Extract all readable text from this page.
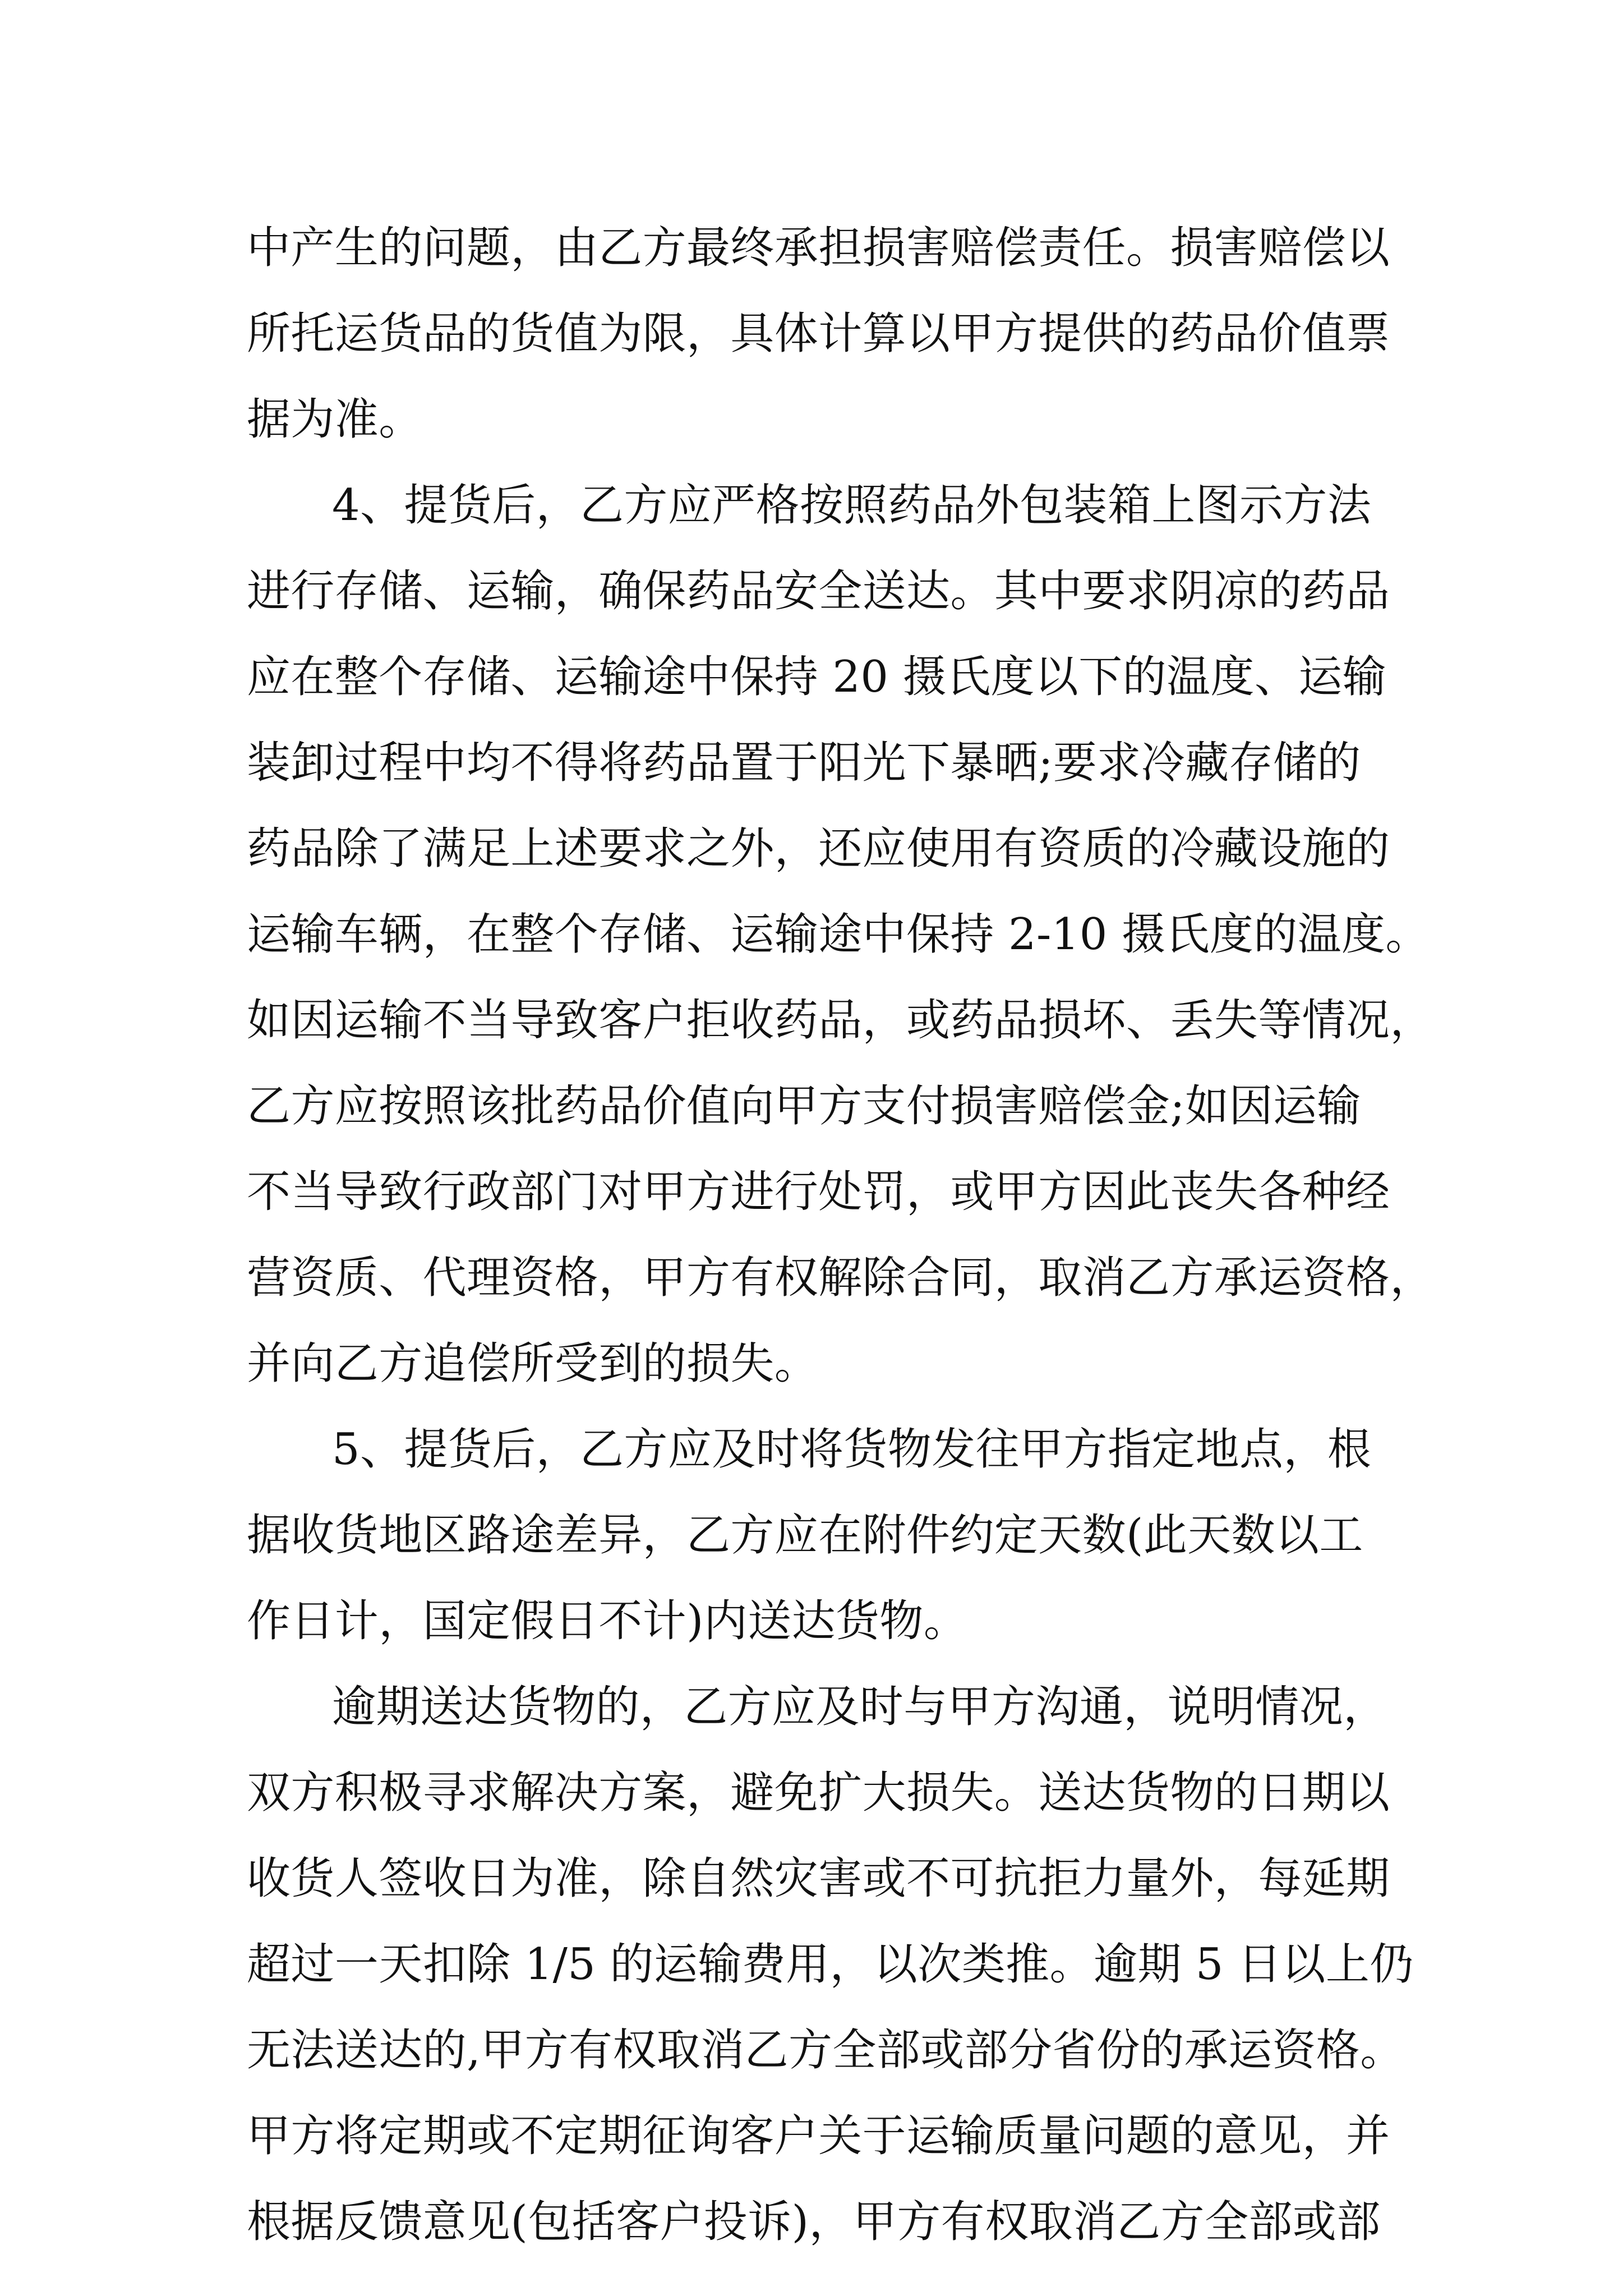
中产生的问题，由乙方最终承担损害赔偿责任。损害赔偿以
所托运货品的货值为限，具体计算以甲方提供的药品价值票
据为准。
4、提货后，乙方应严格按照药品外包装箱上图示方法
进行存储、运输，确保药品安全送达。其中要求阴凉的药品
应在整个存储、运输途中保持 20 摄氏度以下的温度、运输
装卸过程中均不得将药品置于阳光下暴晒;要求冷藏存储的
药品除了满足上述要求之外，还应使用有资质的冷藏设施的
运输车辆，在整个存储、运输途中保持 2-10 摄氏度的温度。
如因运输不当导致客户拒收药品，或药品损坏、丢失等情况，
乙方应按照该批药品价值向甲方支付损害赔偿金;如因运输
不当导致行政部门对甲方进行处罚，或甲方因此丧失各种经
营资质、代理资格，甲方有权解除合同，取消乙方承运资格，
并向乙方追偿所受到的损失。
5、提货后，乙方应及时将货物发往甲方指定地点，根
据收货地区路途差异，乙方应在附件约定天数(此天数以工
作日计，国定假日不计)内送达货物。
逾期送达货物的，乙方应及时与甲方沟通，说明情况，
双方积极寻求解决方案，避免扩大损失。送达货物的日期以
收货人签收日为准，除自然灾害或不可抗拒力量外，每延期
超过一天扣除 1/5 的运输费用，以次类推。逾期 5 日以上仍
无法送达的,甲方有权取消乙方全部或部分省份的承运资格。
甲方将定期或不定期征询客户关于运输质量问题的意见，并
根据反馈意见(包括客户投诉)，甲方有权取消乙方全部或部
